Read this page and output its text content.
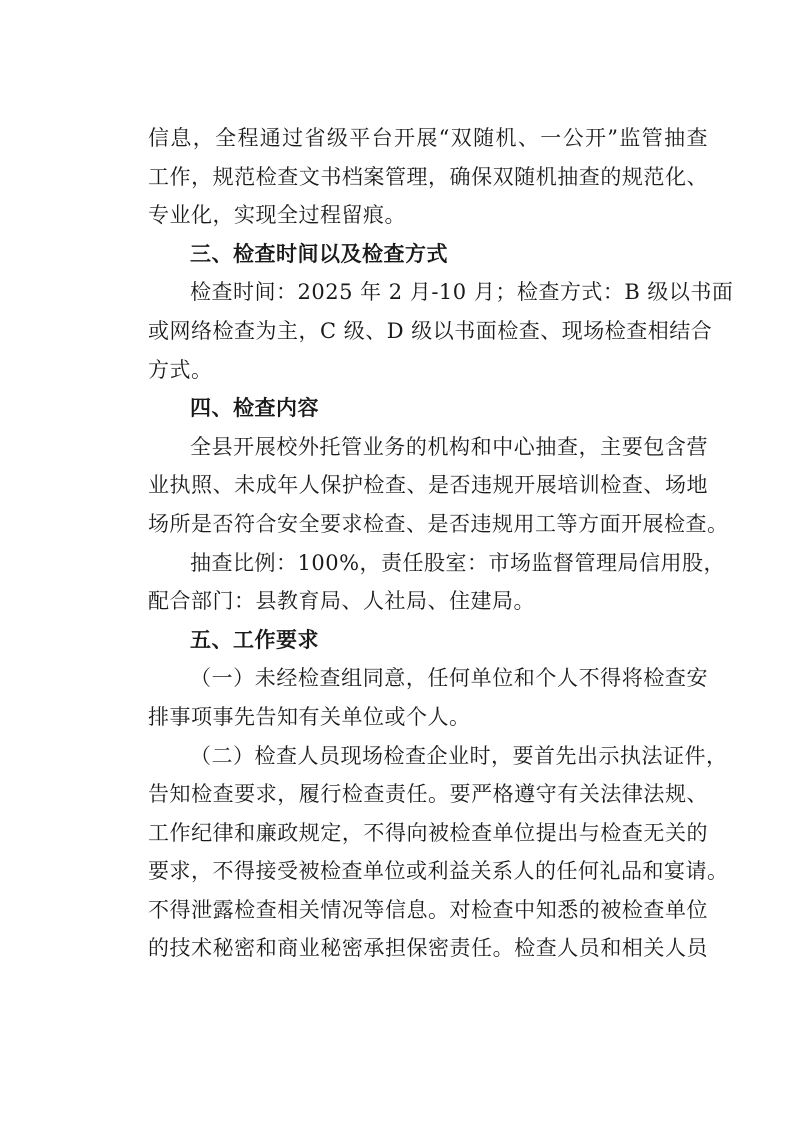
信息，全程通过省级平台开展“双随机、一公开”监管抽查
工作，规范检查文书档案管理，确保双随机抽查的规范化、
专业化，实现全过程留痕。
三、检查时间以及检查方式
检查时间：2025 年 2 月-10 月；检查方式：B 级以书面
或网络检查为主，C 级、D 级以书面检查、现场检查相结合
方式。
四、检查内容
全县开展校外托管业务的机构和中心抽查，主要包含营
业执照、未成年人保护检查、是否违规开展培训检查、场地
场所是否符合安全要求检查、是否违规用工等方面开展检查。
抽查比例：100%，责任股室：市场监督管理局信用股，
配合部门：县教育局、人社局、住建局。
五、工作要求
（一）未经检查组同意，任何单位和个人不得将检查安
排事项事先告知有关单位或个人。
（二）检查人员现场检查企业时，要首先出示执法证件，
告知检查要求，履行检查责任。要严格遵守有关法律法规、
工作纪律和廉政规定，不得向被检查单位提出与检查无关的
要求，不得接受被检查单位或利益关系人的任何礼品和宴请。
不得泄露检查相关情况等信息。对检查中知悉的被检查单位
的技术秘密和商业秘密承担保密责任。检查人员和相关人员
